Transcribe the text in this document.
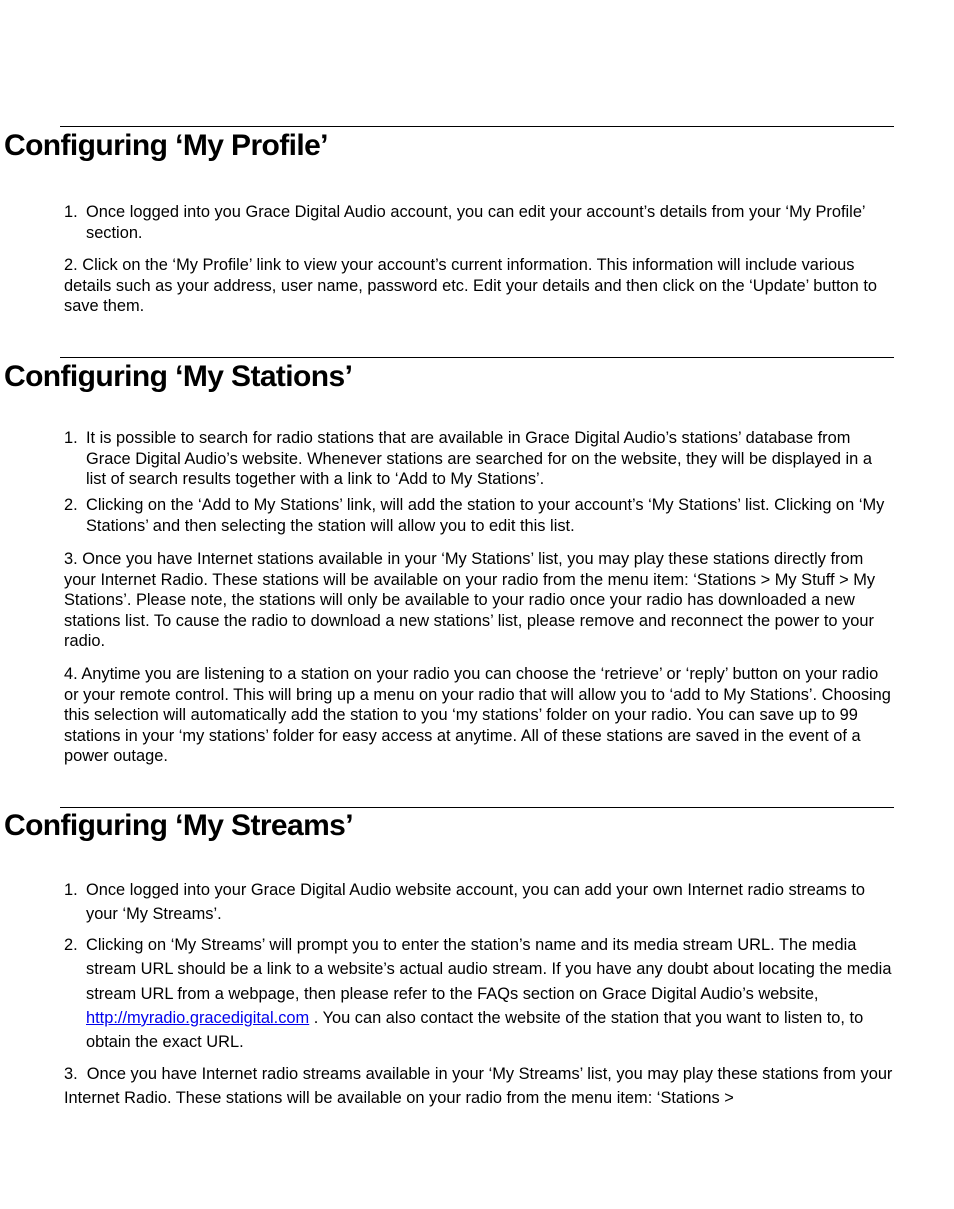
Configuring ‘My Profile’

1. Once logged into you Grace Digital Audio account, you can edit your account’s details from your ‘My Profile’ section.

2. Click on the ‘My Profile’ link to view your account’s current information. This information will include various details such as your address, user name, password etc. Edit your details and then click on the ‘Update’ button to save them.

Configuring ‘My Stations’

1. It is possible to search for radio stations that are available in Grace Digital Audio’s stations’ database from Grace Digital Audio’s website. Whenever stations are searched for on the website, they will be displayed in a list of search results together with a link to ‘Add to My Stations’.

2. Clicking on the ‘Add to My Stations’ link, will add the station to your account’s ‘My Stations’ list. Clicking on ‘My Stations’ and then selecting the station will allow you to edit this list.

3. Once you have Internet stations available in your ‘My Stations’ list, you may play these stations directly from your Internet Radio. These stations will be available on your radio from the menu item: ‘Stations > My Stuff > My Stations’. Please note, the stations will only be available to your radio once your radio has downloaded a new stations list. To cause the radio to download a new stations’ list, please remove and reconnect the power to your radio.

4. Anytime you are listening to a station on your radio you can choose the ‘retrieve’ or ‘reply’ button on your radio or your remote control. This will bring up a menu on your radio that will allow you to ‘add to My Stations’. Choosing this selection will automatically add the station to you ‘my stations’ folder on your radio. You can save up to 99 stations in your ‘my stations’ folder for easy access at anytime. All of these stations are saved in the event of a power outage.

Configuring ‘My Streams’

1. Once logged into your Grace Digital Audio website account, you can add your own Internet radio streams to your ‘My Streams’.

2. Clicking on ‘My Streams’ will prompt you to enter the station’s name and its media stream URL. The media stream URL should be a link to a website’s actual audio stream. If you have any doubt about locating the media stream URL from a webpage, then please refer to the FAQs section on Grace Digital Audio’s website, http://myradio.gracedigital.com . You can also contact the website of the station that you want to listen to, to obtain the exact URL.

3. Once you have Internet radio streams available in your ‘My Streams’ list, you may play these stations from your Internet Radio. These stations will be available on your radio from the menu item: ‘Stations >
